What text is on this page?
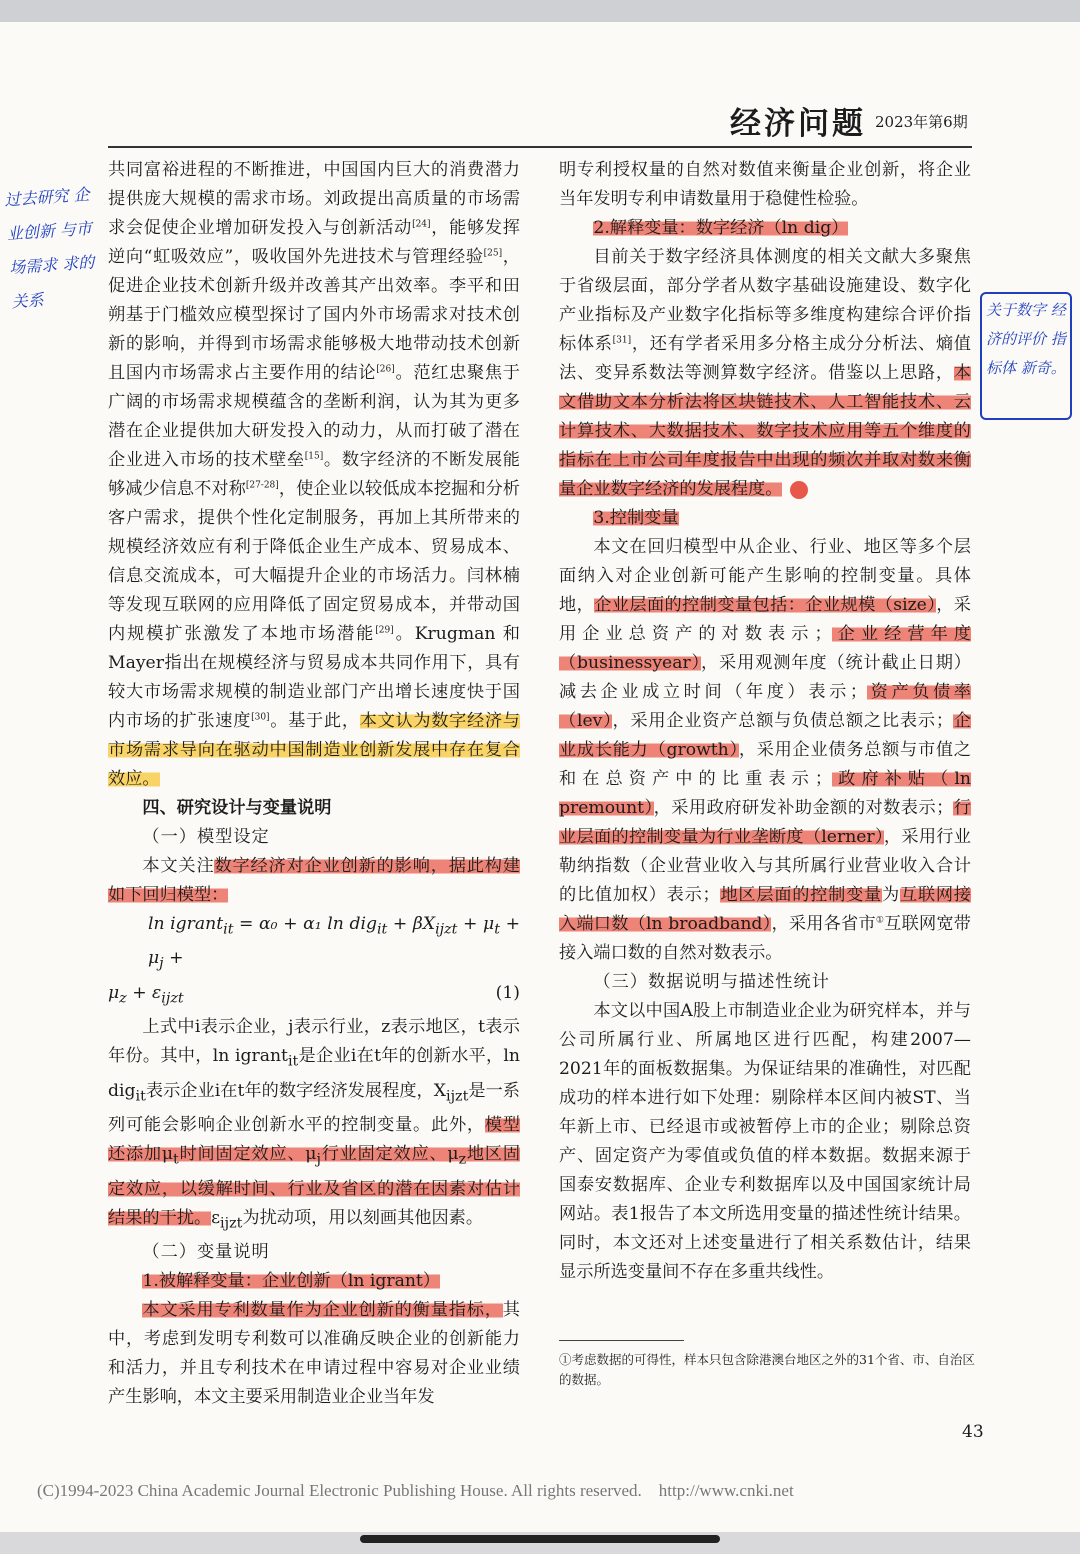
经济问题 2023年第6期
过去研究 企业创新 与市场需求 求的关系	关于数字 经济的评价 指标体 新奇。

共同富裕进程的不断推进，中国国内巨大的消费潜力提供庞大规模的需求市场。刘政提出高质量的市场需求会促使企业增加研发投入与创新活动[24]，能够发挥逆向“虹吸效应”，吸收国外先进技术与管理经验[25]，促进企业技术创新升级并改善其产出效率。李平和田朔基于门槛效应模型探讨了国内外市场需求对技术创新的影响，并得到市场需求能够极大地带动技术创新且国内市场需求占主要作用的结论[26]。范红忠聚焦于广阔的市场需求规模蕴含的垄断利润，认为其为更多潜在企业提供加大研发投入的动力，从而打破了潜在企业进入市场的技术壁垒[15]。数字经济的不断发展能够减少信息不对称[27-28]，使企业以较低成本挖掘和分析客户需求，提供个性化定制服务，再加上其所带来的规模经济效应有利于降低企业生产成本、贸易成本、信息交流成本，可大幅提升企业的市场活力。闫林楠等发现互联网的应用降低了固定贸易成本，并带动国内规模扩张激发了本地市场潜能[29]。Krugman 和 Mayer指出在规模经济与贸易成本共同作用下，具有较大市场需求规模的制造业部门产出增长速度快于国内市场的扩张速度[30]。基于此，本文认为数字经济与市场需求导向在驱动中国制造业创新发展中存在复合效应。

四、研究设计与变量说明

（一）模型设定

本文关注数字经济对企业创新的影响，据此构建如下回归模型：

ln igrant$_{it}$ = α₀ + α₁ $\ln dig_{it} + \beta X_{ijzt} + \mu_t + \mu_j$ +

$\mu_z + \varepsilon_{ijzt}$	(1)

上式中i表示企业，j表示行业，z表示地区，t表示年份。其中，ln igrant$_{it}$是企业i在t年的创新水平，ln dig$_{it}$表示企业i在t年的数字经济发展程度，$X_{ijzt}$是一系列可能会影响企业创新水平的控制变量。此外，模型还添加$\mu_t$时间固定效应、$\mu_j$行业固定效应、$\mu_z$地区固定效应，以缓解时间、行业及省区的潜在因素对估计结果的干扰。$\varepsilon_{ijzt}$为扰动项，用以刻画其他因素。

（二）变量说明

1.被解释变量：企业创新（ln igrant）

本文采用专利数量作为企业创新的衡量指标，其中，考虑到发明专利数可以准确反映企业的创新能力和活力，并且专利技术在申请过程中容易对企业业绩产生影响，本文主要采用制造业企业当年发

明专利授权量的自然对数值来衡量企业创新，将企业当年发明专利申请数量用于稳健性检验。

2.解释变量：数字经济（ln dig）

目前关于数字经济具体测度的相关文献大多聚焦于省级层面，部分学者从数字基础设施建设、数字化产业指标及产业数字化指标等多维度构建综合评价指标体系[31]，还有学者采用多分格主成分分析法、熵值法、变异系数法等测算数字经济。借鉴以上思路，本文借助文本分析法将区块链技术、人工智能技术、云计算技术、大数据技术、数字技术应用等五个维度的指标在上市公司年度报告中出现的频次并取对数来衡量企业数字经济的发展程度。

3.控制变量

本文在回归模型中从企业、行业、地区等多个层面纳入对企业创新可能产生影响的控制变量。具体地，企业层面的控制变量包括：企业规模（size），采用企业总资产的对数表示；企业经营年度（businessyear），采用观测年度（统计截止日期）减去企业成立时间（年度）表示；资产负债率（lev），采用企业资产总额与负债总额之比表示；企业成长能力（growth），采用企业债务总额与市值之和在总资产中的比重表示；政府补贴（ln premount），采用政府研发补助金额的对数表示；行业层面的控制变量为行业垄断度（lerner），采用行业勒纳指数（企业营业收入与其所属行业营业收入合计的比值加权）表示；地区层面的控制变量为互联网接入端口数（ln broadband），采用各省市①互联网宽带接入端口数的自然对数表示。

（三）数据说明与描述性统计

本文以中国A股上市制造业企业为研究样本，并与公司所属行业、所属地区进行匹配，构建2007—2021年的面板数据集。为保证结果的准确性，对匹配成功的样本进行如下处理：剔除样本区间内被ST、当年新上市、已经退市或被暂停上市的企业；剔除总资产、固定资产为零值或负值的样本数据。数据来源于国泰安数据库、企业专利数据库以及中国国家统计局网站。表1报告了本文所选用变量的描述性统计结果。同时，本文还对上述变量进行了相关系数估计，结果显示所选变量间不存在多重共线性。

①考虑数据的可得性，样本只包含除港澳台地区之外的31个省、市、自治区的数据。
43
(C)1994-2023 China Academic Journal Electronic Publishing House. All rights reserved.    http://www.cnki.net
